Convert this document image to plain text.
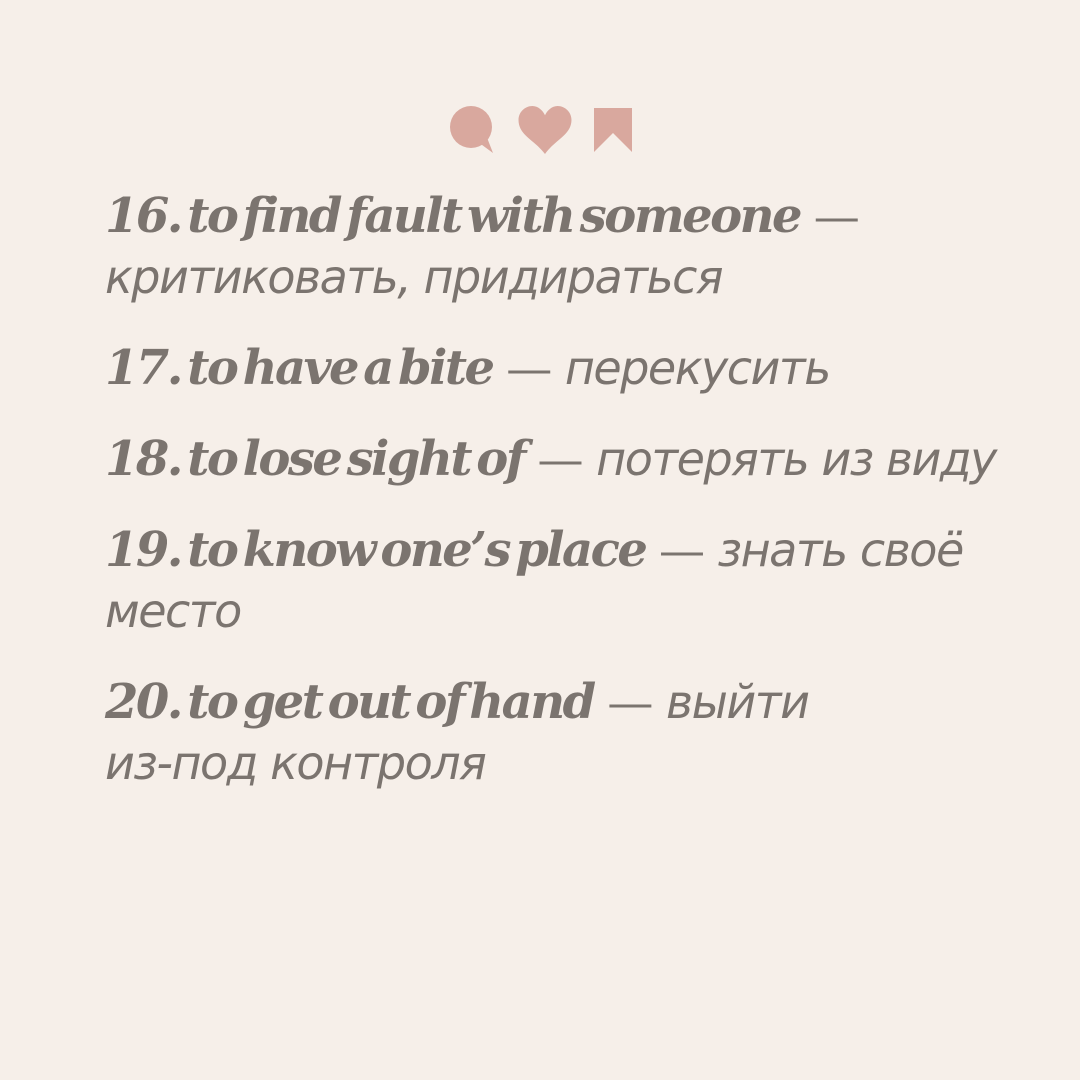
16. to find fault with someone —
критиковать, придираться
17. to have a bite — перекусить
18. to lose sight of — потерять из виду
19. to know one’s place — знать своё
место
20. to get out of hand — выйти
из-под контроля
